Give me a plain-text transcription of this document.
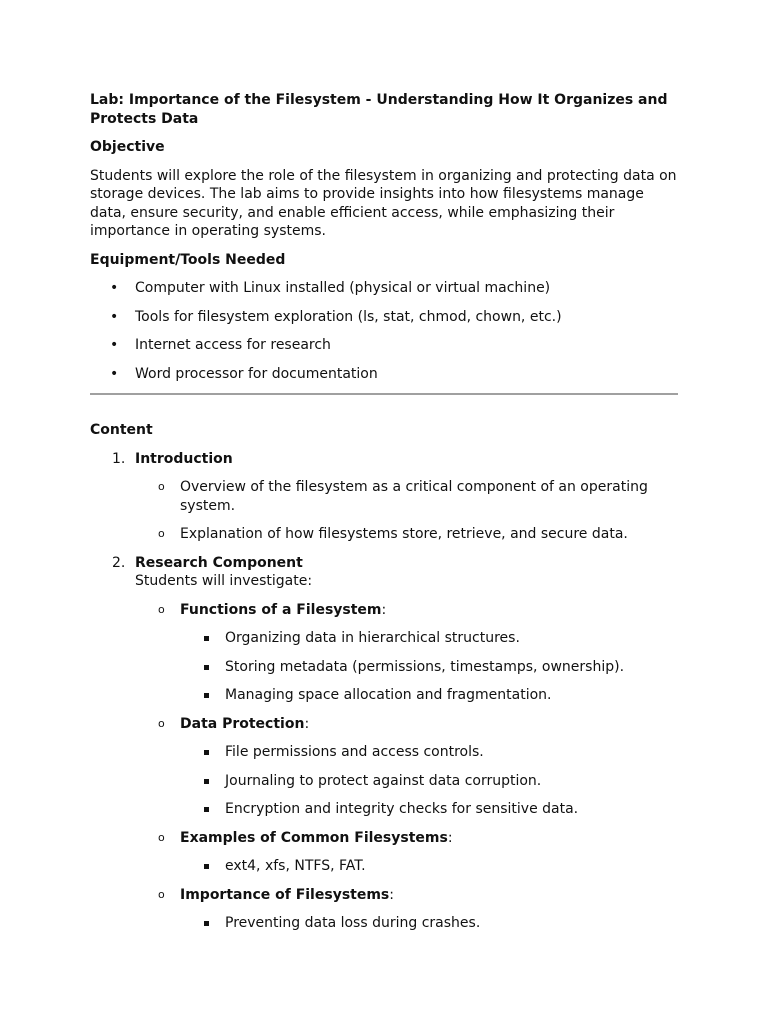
Lab: Importance of the Filesystem - Understanding How It Organizes and Protects Data
Objective
Students will explore the role of the filesystem in organizing and protecting data on storage devices. The lab aims to provide insights into how filesystems manage data, ensure security, and enable efficient access, while emphasizing their importance in operating systems.
Equipment/Tools Needed
• Computer with Linux installed (physical or virtual machine)
• Tools for filesystem exploration (ls, stat, chmod, chown, etc.)
• Internet access for research
• Word processor for documentation
Content
1. Introduction
o Overview of the filesystem as a critical component of an operating system.
o Explanation of how filesystems store, retrieve, and secure data.
2. Research Component
Students will investigate:
o Functions of a Filesystem:
Organizing data in hierarchical structures.
Storing metadata (permissions, timestamps, ownership).
Managing space allocation and fragmentation.
o Data Protection:
File permissions and access controls.
Journaling to protect against data corruption.
Encryption and integrity checks for sensitive data.
o Examples of Common Filesystems:
ext4, xfs, NTFS, FAT.
o Importance of Filesystems:
Preventing data loss during crashes.
